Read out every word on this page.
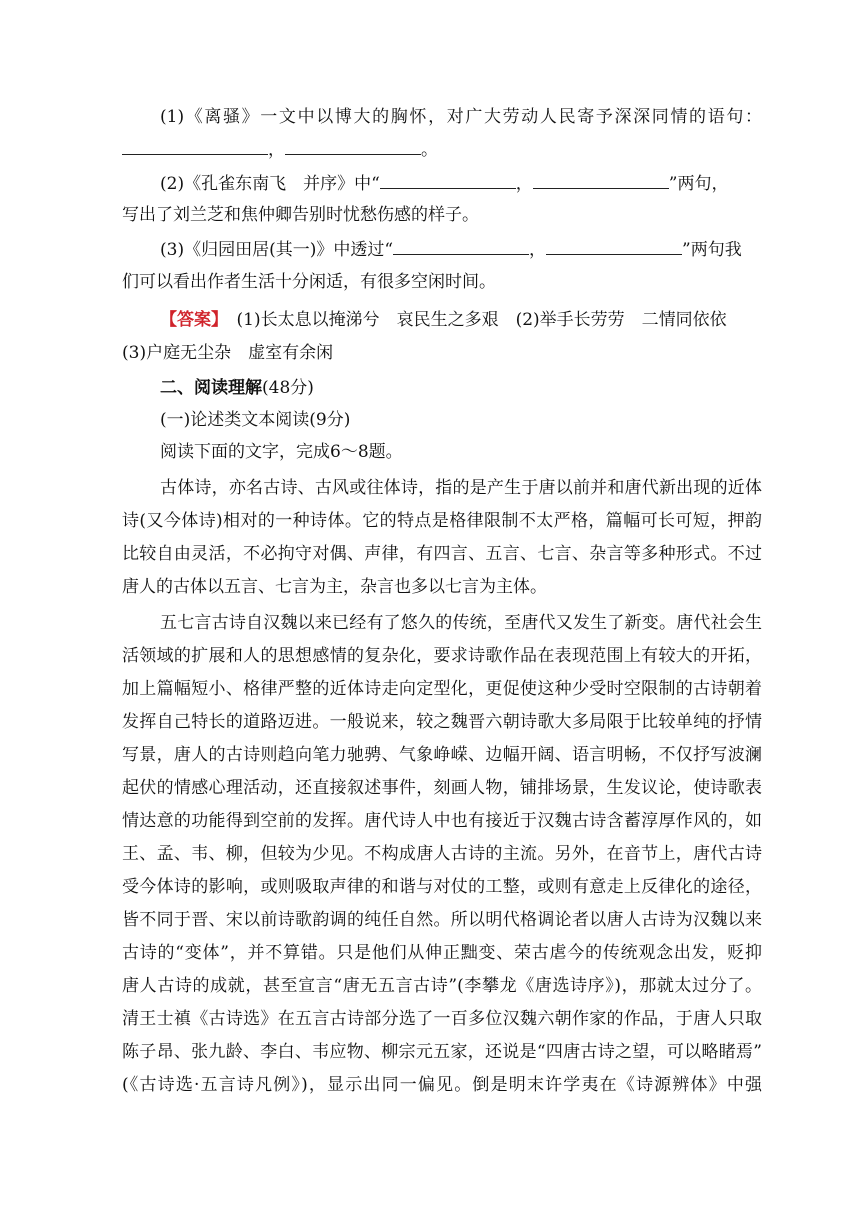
(1)《离骚》一文中以博大的胸怀，对广大劳动人民寄予深深同情的语句：
，	。
(2)《孔雀东南飞　并序》中“	，	”两句，
写出了刘兰芝和焦仲卿告别时忧愁伤感的样子。
(3)《归园田居(其一)》中透过“	，	”两句我
们可以看出作者生活十分闲适，有很多空闲时间。
【答案】　(1)长太息以掩涕兮　哀民生之多艰　(2)举手长劳劳　二情同依依
(3)户庭无尘杂　虚室有余闲
二、阅读理解(48分)
(一)论述类文本阅读(9分)
阅读下面的文字，完成6～8题。
古体诗，亦名古诗、古风或往体诗，指的是产生于唐以前并和唐代新出现的近体
诗(又今体诗)相对的一种诗体。它的特点是格律限制不太严格，篇幅可长可短，押韵
比较自由灵活，不必拘守对偶、声律，有四言、五言、七言、杂言等多种形式。不过
唐人的古体以五言、七言为主，杂言也多以七言为主体。
五七言古诗自汉魏以来已经有了悠久的传统，至唐代又发生了新变。唐代社会生
活领域的扩展和人的思想感情的复杂化，要求诗歌作品在表现范围上有较大的开拓，
加上篇幅短小、格律严整的近体诗走向定型化，更促使这种少受时空限制的古诗朝着
发挥自己特长的道路迈进。一般说来，较之魏晋六朝诗歌大多局限于比较单纯的抒情
写景，唐人的古诗则趋向笔力驰骋、气象峥嵘、边幅开阔、语言明畅，不仅抒写波澜
起伏的情感心理活动，还直接叙述事件，刻画人物，铺排场景，生发议论，使诗歌表
情达意的功能得到空前的发挥。唐代诗人中也有接近于汉魏古诗含蓄淳厚作风的，如
王、孟、韦、柳，但较为少见。不构成唐人古诗的主流。另外，在音节上，唐代古诗
受今体诗的影响，或则吸取声律的和谐与对仗的工整，或则有意走上反律化的途径，
皆不同于晋、宋以前诗歌韵调的纯任自然。所以明代格调论者以唐人古诗为汉魏以来
古诗的“变体”，并不算错。只是他们从伸正黜变、荣古虐今的传统观念出发，贬抑
唐人古诗的成就，甚至宣言“唐无五言古诗”(李攀龙《唐选诗序》)，那就太过分了。
清王士禛《古诗选》在五言古诗部分选了一百多位汉魏六朝作家的作品，于唐人只取
陈子昂、张九龄、李白、韦应物、柳宗元五家，还说是“四唐古诗之望，可以略睹焉”
(《古诗选·五言诗凡例》)，显示出同一偏见。倒是明末许学夷在《诗源辨体》中强
